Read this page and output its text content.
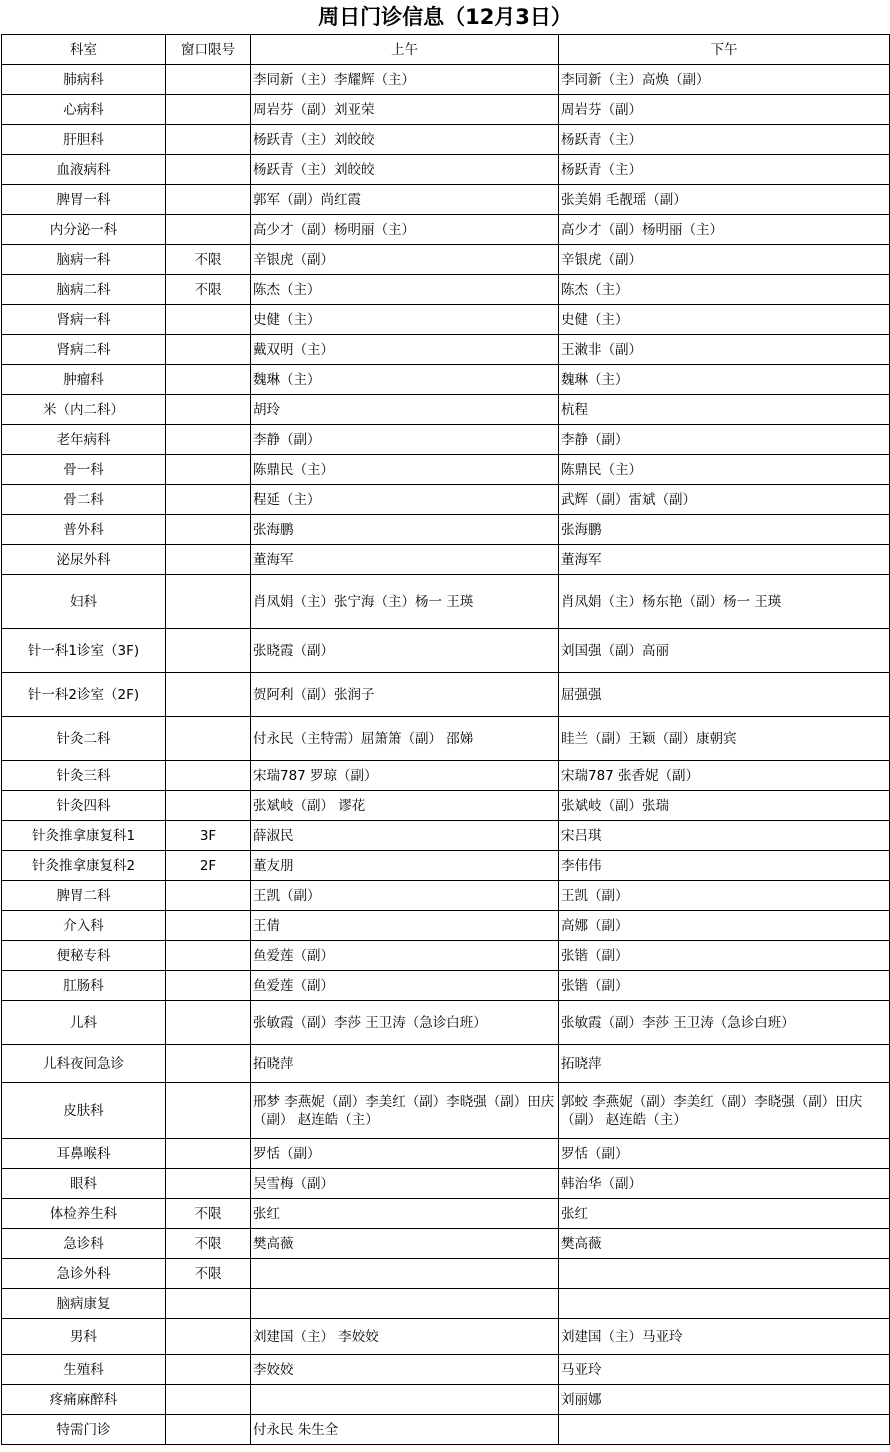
周日门诊信息（12月3日）
科室	窗口限号	上午	下午
肺病科		李同新（主）李耀辉（主）	李同新（主）高焕（副）
心病科		周岩芬（副）刘亚荣	周岩芬（副）
肝胆科		杨跃青（主）刘皎皎	杨跃青（主）
血液病科		杨跃青（主）刘皎皎	杨跃青（主）
脾胃一科		郭军（副）尚红霞	张美娟 毛靓瑶（副）
内分泌一科		高少才（副）杨明丽（主）	高少才（副）杨明丽（主）
脑病一科	不限	辛银虎（副）	辛银虎（副）
脑病二科	不限	陈杰（主）	陈杰（主）
肾病一科		史健（主）	史健（主）
肾病二科		戴双明（主）	王潄非（副）
肿瘤科		魏琳（主）	魏琳（主）
米（内二科）		胡玲	杭程
老年病科		李静（副）	李静（副）
骨一科		陈鼎民（主）	陈鼎民（主）
骨二科		程延（主）	武辉（副）雷斌（副）
普外科		张海鹏	张海鹏
泌尿外科		董海军	董海军
妇科		肖凤娟（主）张宁海（主）杨一 王瑛	肖凤娟（主）杨东艳（副）杨一 王瑛
针一科1诊室（3F)		张晓霞（副）	刘国强（副）高丽
针一科2诊室（2F)		贺阿利（副）张润子	屈强强
针灸二科		付永民（主特需）屈箫箫（副） 邵娣	眭兰（副）王颖（副）康朝宾
针灸三科		宋瑞787 罗琼（副）	宋瑞787 张香妮（副）
针灸四科		张斌岐（副） 谬花	张斌岐（副）张瑞
针灸推拿康复科1	3F	薛淑民	宋吕琪
针灸推拿康复科2	2F	董友朋	李伟伟
脾胃二科		王凯（副）	王凯（副）
介入科		王倩	高娜（副）
便秘专科		鱼爱莲（副）	张锴（副）
肛肠科		鱼爱莲（副）	张锴（副）
儿科		张敏霞（副）李莎 王卫涛（急诊白班）	张敏霞（副）李莎 王卫涛（急诊白班）
儿科夜间急诊		拓晓萍	拓晓萍
皮肤科		邢梦 李燕妮（副）李美红（副）李晓强（副）田庆（副） 赵连皓（主）	郭蛟 李燕妮（副）李美红（副）李晓强（副）田庆（副） 赵连皓（主）
耳鼻喉科		罗恬（副）	罗恬（副）
眼科		吴雪梅（副）	韩治华（副）
体检养生科	不限	张红	张红
急诊科	不限	樊高薇	樊高薇
急诊外科	不限		
脑病康复			
男科		刘建国（主） 李姣姣	刘建国（主）马亚玲
生殖科		李姣姣	马亚玲
疼痛麻醉科			刘丽娜
特需门诊		付永民 朱生全	
